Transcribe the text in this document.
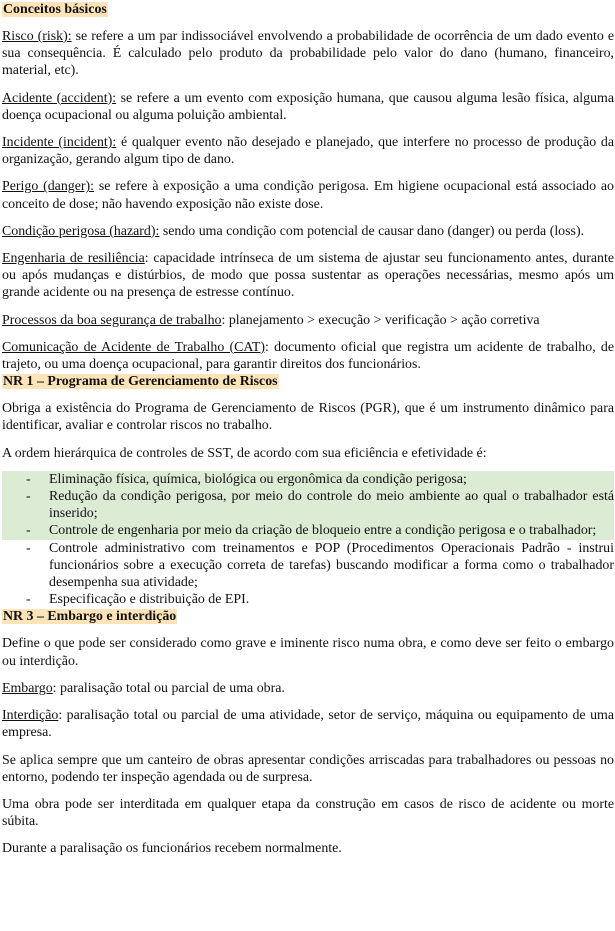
Conceitos básicos

Risco (risk): se refere a um par indissociável envolvendo a probabilidade de ocorrência de um dado evento e sua consequência. É calculado pelo produto da probabilidade pelo valor do dano (humano, financeiro, material, etc).

Acidente (accident): se refere a um evento com exposição humana, que causou alguma lesão física, alguma doença ocupacional ou alguma poluição ambiental.

Incidente (incident): é qualquer evento não desejado e planejado, que interfere no processo de produção da organização, gerando algum tipo de dano.

Perigo (danger): se refere à exposição a uma condição perigosa. Em higiene ocupacional está associado ao conceito de dose; não havendo exposição não existe dose.

Condição perigosa (hazard): sendo uma condição com potencial de causar dano (danger) ou perda (loss).

Engenharia de resiliência: capacidade intrínseca de um sistema de ajustar seu funcionamento antes, durante ou após mudanças e distúrbios, de modo que possa sustentar as operações necessárias, mesmo após um grande acidente ou na presença de estresse contínuo.

Processos da boa segurança de trabalho: planejamento > execução > verificação > ação corretiva

Comunicação de Acidente de Trabalho (CAT): documento oficial que registra um acidente de trabalho, de trajeto, ou uma doença ocupacional, para garantir direitos dos funcionários.

NR 1 – Programa de Gerenciamento de Riscos

Obriga a existência do Programa de Gerenciamento de Riscos (PGR), que é um instrumento dinâmico para identificar, avaliar e controlar riscos no trabalho.

A ordem hierárquica de controles de SST, de acordo com sua eficiência e efetividade é:

- Eliminação física, química, biológica ou ergonômica da condição perigosa;
- Redução da condição perigosa, por meio do controle do meio ambiente ao qual o trabalhador está inserido;
- Controle de engenharia por meio da criação de bloqueio entre a condição perigosa e o trabalhador;
- Controle administrativo com treinamentos e POP (Procedimentos Operacionais Padrão - instrui funcionários sobre a execução correta de tarefas) buscando modificar a forma como o trabalhador desempenha sua atividade;
- Especificação e distribuição de EPI.
NR 3 – Embargo e interdição

Define o que pode ser considerado como grave e iminente risco numa obra, e como deve ser feito o embargo ou interdição.

Embargo: paralisação total ou parcial de uma obra.

Interdição: paralisação total ou parcial de uma atividade, setor de serviço, máquina ou equipamento de uma empresa.

Se aplica sempre que um canteiro de obras apresentar condições arriscadas para trabalhadores ou pessoas no entorno, podendo ter inspeção agendada ou de surpresa.

Uma obra pode ser interditada em qualquer etapa da construção em casos de risco de acidente ou morte súbita.

Durante a paralisação os funcionários recebem normalmente.
